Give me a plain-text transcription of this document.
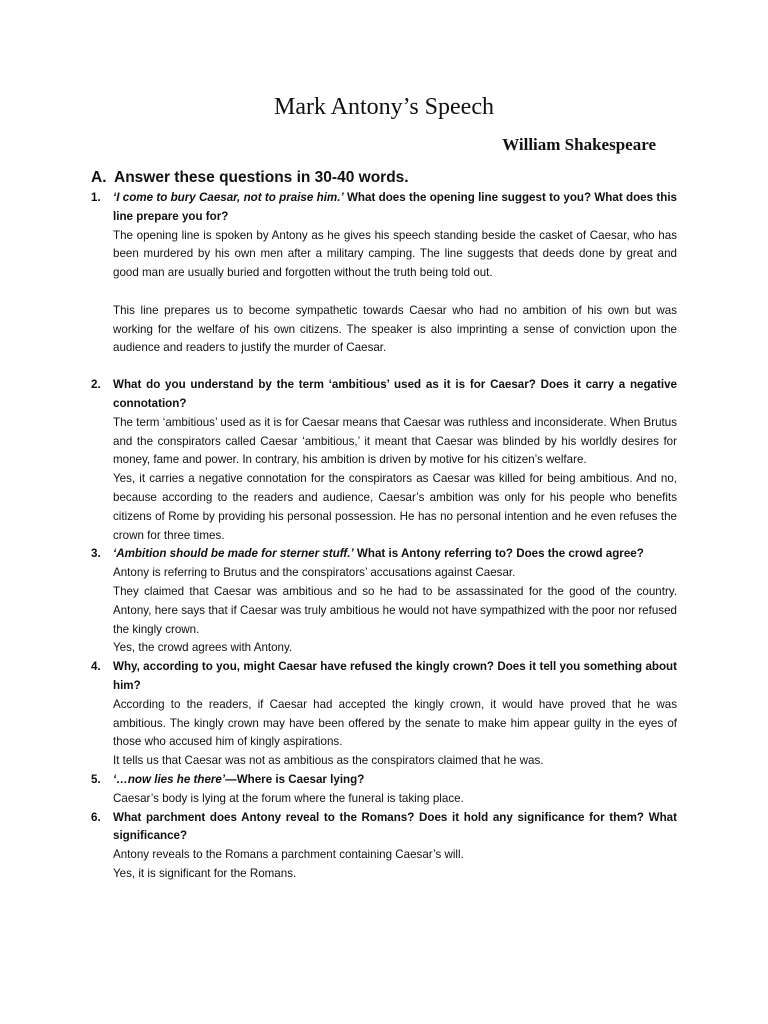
Mark Antony’s Speech
William Shakespeare
A. Answer these questions in 30-40 words.
1. ‘I come to bury Caesar, not to praise him.’ What does the opening line suggest to you? What does this line prepare you for?
The opening line is spoken by Antony as he gives his speech standing beside the casket of Caesar, who has been murdered by his own men after a military camping. The line suggests that deeds done by great and good man are usually buried and forgotten without the truth being told out.
This line prepares us to become sympathetic towards Caesar who had no ambition of his own but was working for the welfare of his own citizens. The speaker is also imprinting a sense of conviction upon the audience and readers to justify the murder of Caesar.
2. What do you understand by the term ‘ambitious’ used as it is for Caesar? Does it carry a negative connotation?
The term ‘ambitious’ used as it is for Caesar means that Caesar was ruthless and inconsiderate. When Brutus and the conspirators called Caesar ‘ambitious,’ it meant that Caesar was blinded by his worldly desires for money, fame and power. In contrary, his ambition is driven by motive for his citizen’s welfare.
Yes, it carries a negative connotation for the conspirators as Caesar was killed for being ambitious. And no, because according to the readers and audience, Caesar’s ambition was only for his people who benefits citizens of Rome by providing his personal possession. He has no personal intention and he even refuses the crown for three times.
3. ‘Ambition should be made for sterner stuff.’ What is Antony referring to? Does the crowd agree?
Antony is referring to Brutus and the conspirators’ accusations against Caesar.
They claimed that Caesar was ambitious and so he had to be assassinated for the good of the country. Antony, here says that if Caesar was truly ambitious he would not have sympathized with the poor nor refused the kingly crown.
Yes, the crowd agrees with Antony.
4. Why, according to you, might Caesar have refused the kingly crown? Does it tell you something about him?
According to the readers, if Caesar had accepted the kingly crown, it would have proved that he was ambitious. The kingly crown may have been offered by the senate to make him appear guilty in the eyes of those who accused him of kingly aspirations.
It tells us that Caesar was not as ambitious as the conspirators claimed that he was.
5. ‘…now lies he there’—Where is Caesar lying?
Caesar’s body is lying at the forum where the funeral is taking place.
6. What parchment does Antony reveal to the Romans? Does it hold any significance for them? What significance?
Antony reveals to the Romans a parchment containing Caesar’s will.
Yes, it is significant for the Romans.
